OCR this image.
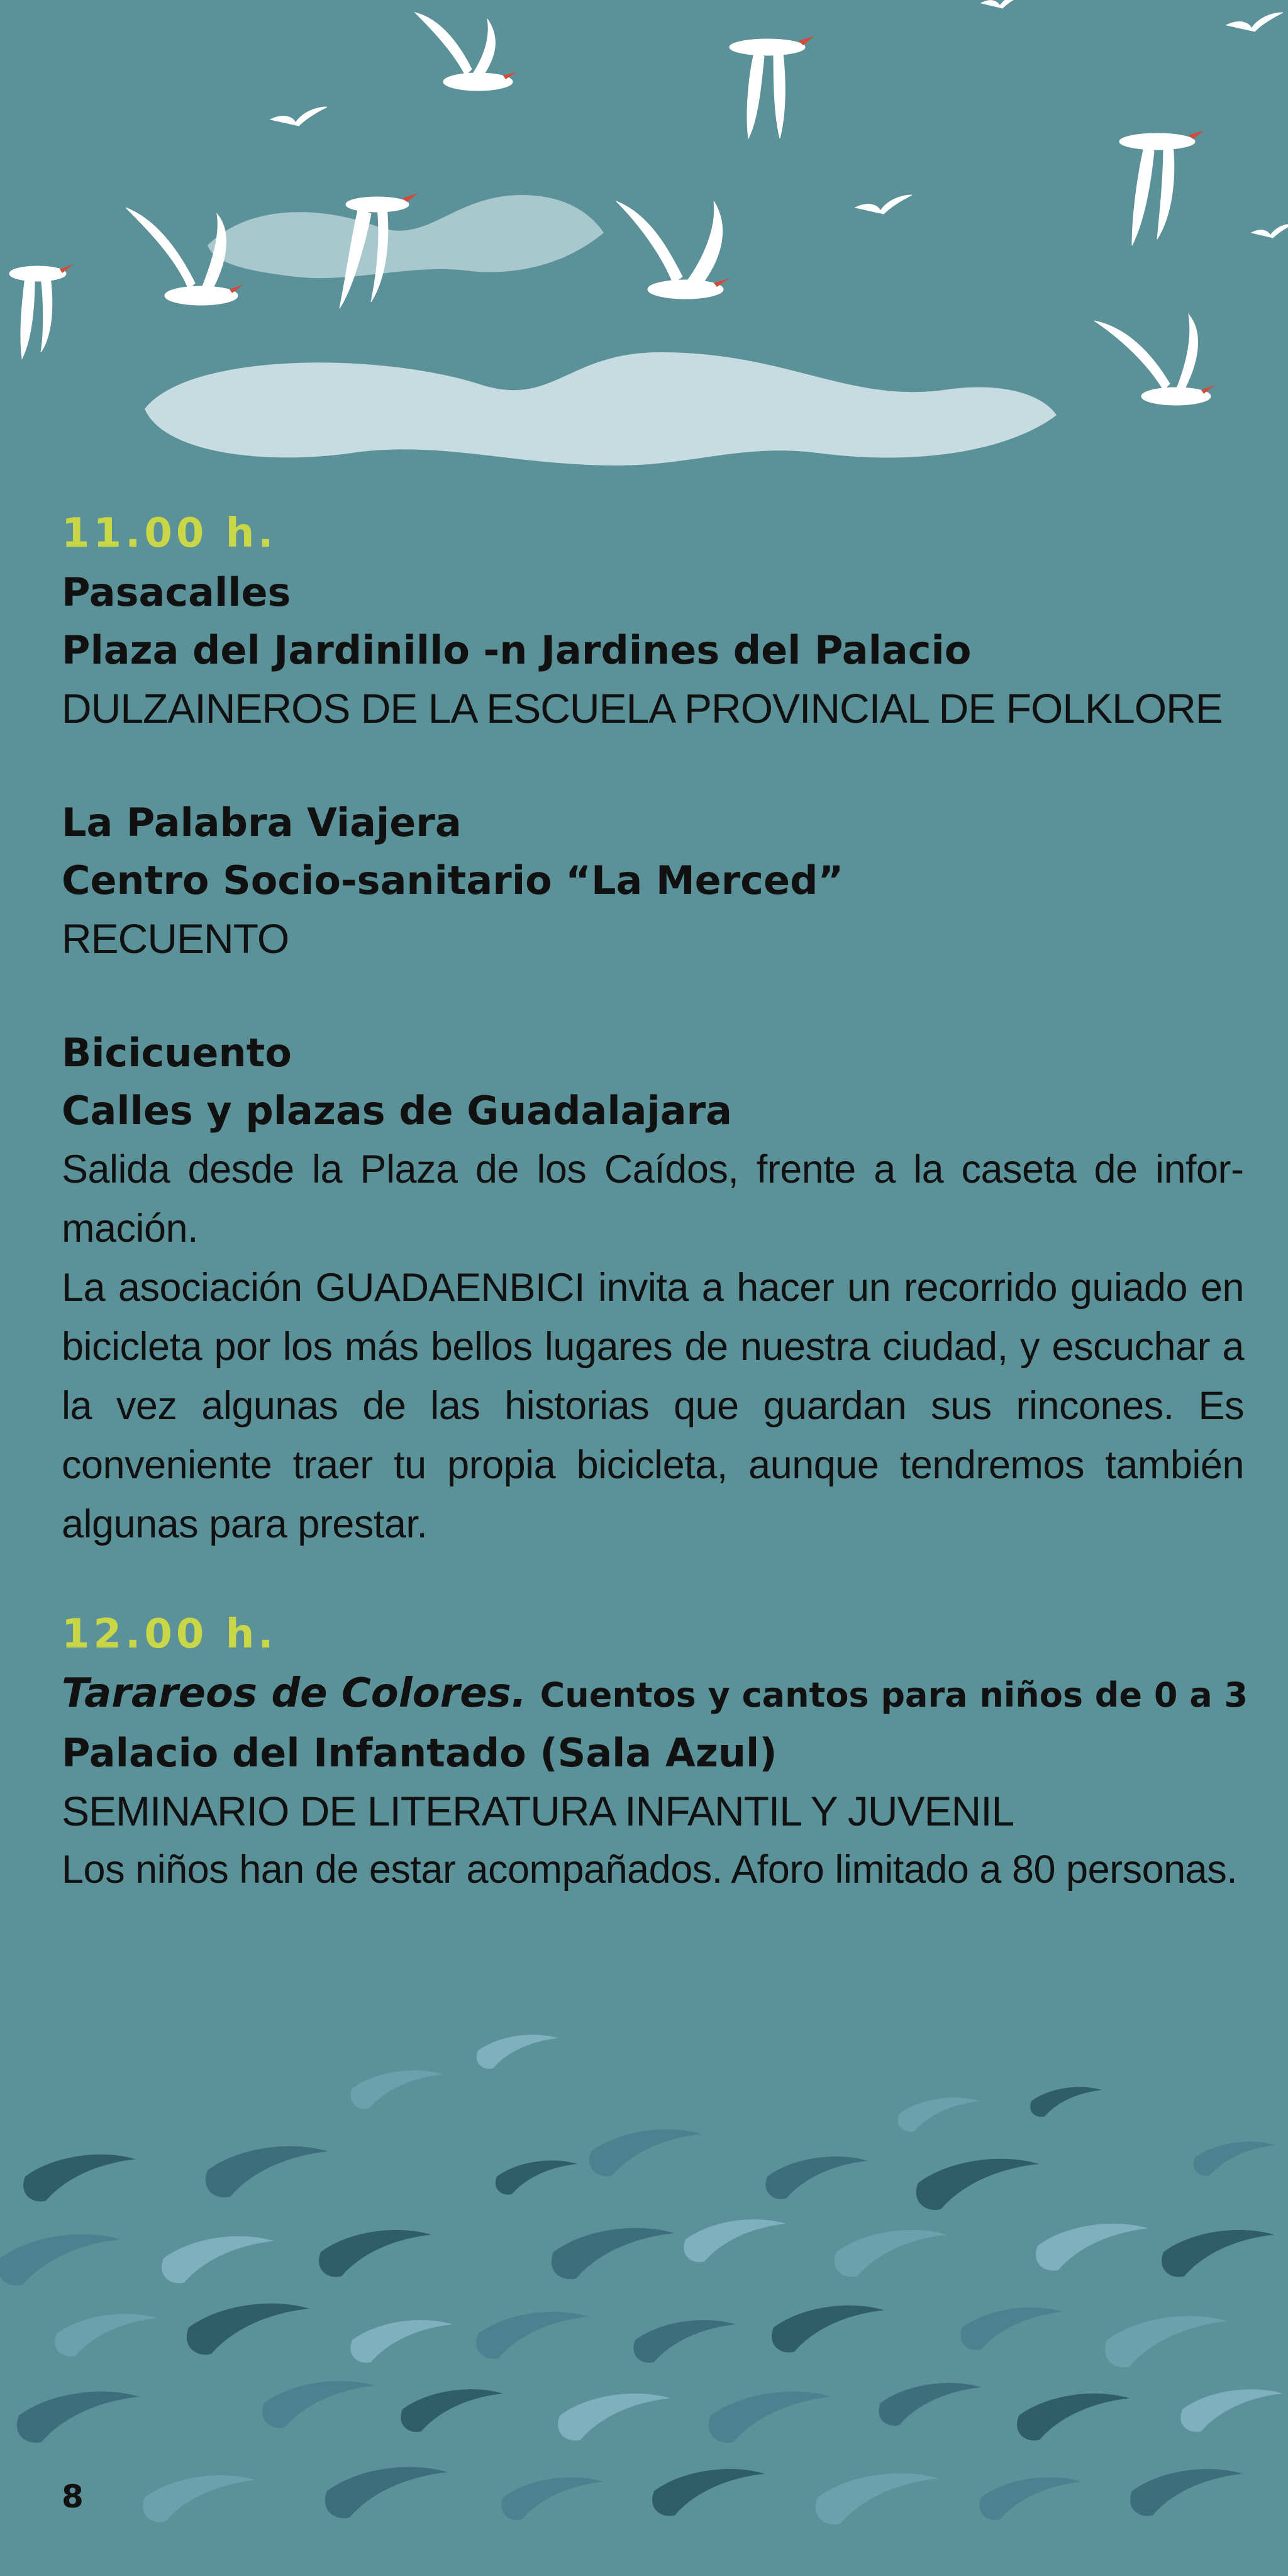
11.00 h.

Pasacalles

Plaza del Jardinillo -n Jardines del Palacio

DULZAINEROS DE LA ESCUELA PROVINCIAL DE FOLKLORE

La Palabra Viajera

Centro Socio-sanitario “La Merced”

RECUENTO

Bicicuento

Calles y plazas de Guadalajara

Salida desde la Plaza de los Caídos, frente a la caseta de información.

La asociación GUADAENBICI invita a hacer un recorrido guiado en bicicleta por los más bellos lugares de nuestra ciudad, y escuchar a la vez algunas de las historias que guardan sus rincones. Es conveniente traer tu propia bicicleta, aunque tendremos también algunas para prestar.

12.00 h.

Tarareos de Colores. Cuentos y cantos para niños de 0 a 3

Palacio del Infantado (Sala Azul)

SEMINARIO DE LITERATURA INFANTIL Y JUVENIL

Los niños han de estar acompañados. Aforo limitado a 80 personas.

8
